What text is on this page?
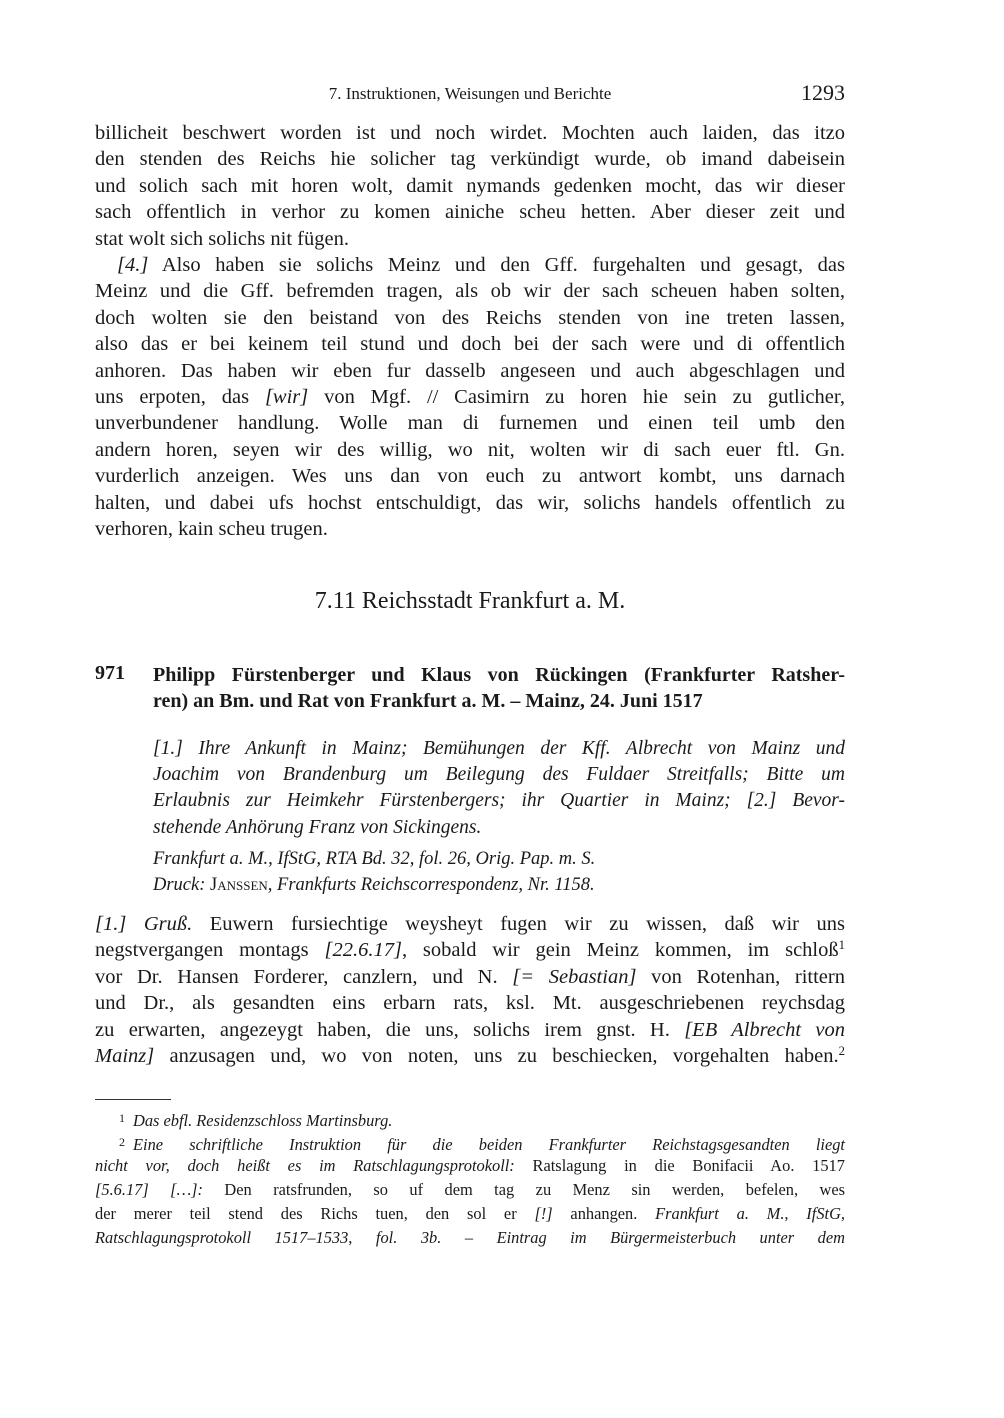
7. Instruktionen, Weisungen und Berichte	1293
billicheit beschwert worden ist und noch wirdet. Mochten auch laiden, das itzo
den stenden des Reichs hie solicher tag verkündigt wurde, ob imand dabeisein
und solich sach mit horen wolt, damit nymands gedenken mocht, das wir dieser
sach offentlich in verhor zu komen ainiche scheu hetten. Aber dieser zeit und
stat wolt sich solichs nit fügen.
[4.] Also haben sie solichs Meinz und den Gff. furgehalten und gesagt, das
Meinz und die Gff. befremden tragen, als ob wir der sach scheuen haben solten,
doch wolten sie den beistand von des Reichs stenden von ine treten lassen,
also das er bei keinem teil stund und doch bei der sach were und di offentlich
anhoren. Das haben wir eben fur dasselb angeseen und auch abgeschlagen und
uns erpoten, das [wir] von Mgf. // Casimirn zu horen hie sein zu gutlicher,
unverbundener handlung. Wolle man di furnemen und einen teil umb den
andern horen, seyen wir des willig, wo nit, wolten wir di sach euer ftl. Gn.
vurderlich anzeigen. Wes uns dan von euch zu antwort kombt, uns darnach
halten, und dabei ufs hochst entschuldigt, das wir, solichs handels offentlich zu
verhoren, kain scheu trugen.
7.11 Reichsstadt Frankfurt a. M.
971 Philipp Fürstenberger und Klaus von Rückingen (Frankfurter Ratsher-
ren) an Bm. und Rat von Frankfurt a. M. – Mainz, 24. Juni 1517
[1.] Ihre Ankunft in Mainz; Bemühungen der Kff. Albrecht von Mainz und
Joachim von Brandenburg um Beilegung des Fuldaer Streitfalls; Bitte um
Erlaubnis zur Heimkehr Fürstenbergers; ihr Quartier in Mainz; [2.] Bevor-
stehende Anhörung Franz von Sickingens.
Frankfurt a. M., IfStG, RTA Bd. 32, fol. 26, Orig. Pap. m. S.
Druck: Janssen, Frankfurts Reichscorrespondenz, Nr. 1158.
[1.] Gruß. Euwern fursiechtige weysheyt fugen wir zu wissen, daß wir uns
negstvergangen montags [22.6.17], sobald wir gein Meinz kommen, im schloß$^1$
vor Dr. Hansen Forderer, canzlern, und N. [= Sebastian] von Rotenhan, rittern
und Dr., als gesandten eins erbarn rats, ksl. Mt. ausgeschriebenen reychsdag
zu erwarten, angezeygt haben, die uns, solichs irem gnst. H. [EB Albrecht von
Mainz] anzusagen und, wo von noten, uns zu beschiecken, vorgehalten haben.$^2$
1 Das ebfl. Residenzschloss Martinsburg.
2 Eine schriftliche Instruktion für die beiden Frankfurter Reichstagsgesandten liegt
nicht vor, doch heißt es im Ratschlagungsprotokoll: Ratslagung in die Bonifacii Ao. 1517
[5.6.17] […]: Den ratsfrunden, so uf dem tag zu Menz sin werden, befelen, wes
der merer teil stend des Richs tuen, den sol er [!] anhangen. Frankfurt a. M., IfStG,
Ratschlagungsprotokoll 1517–1533, fol. 3b. – Eintrag im Bürgermeisterbuch unter dem
